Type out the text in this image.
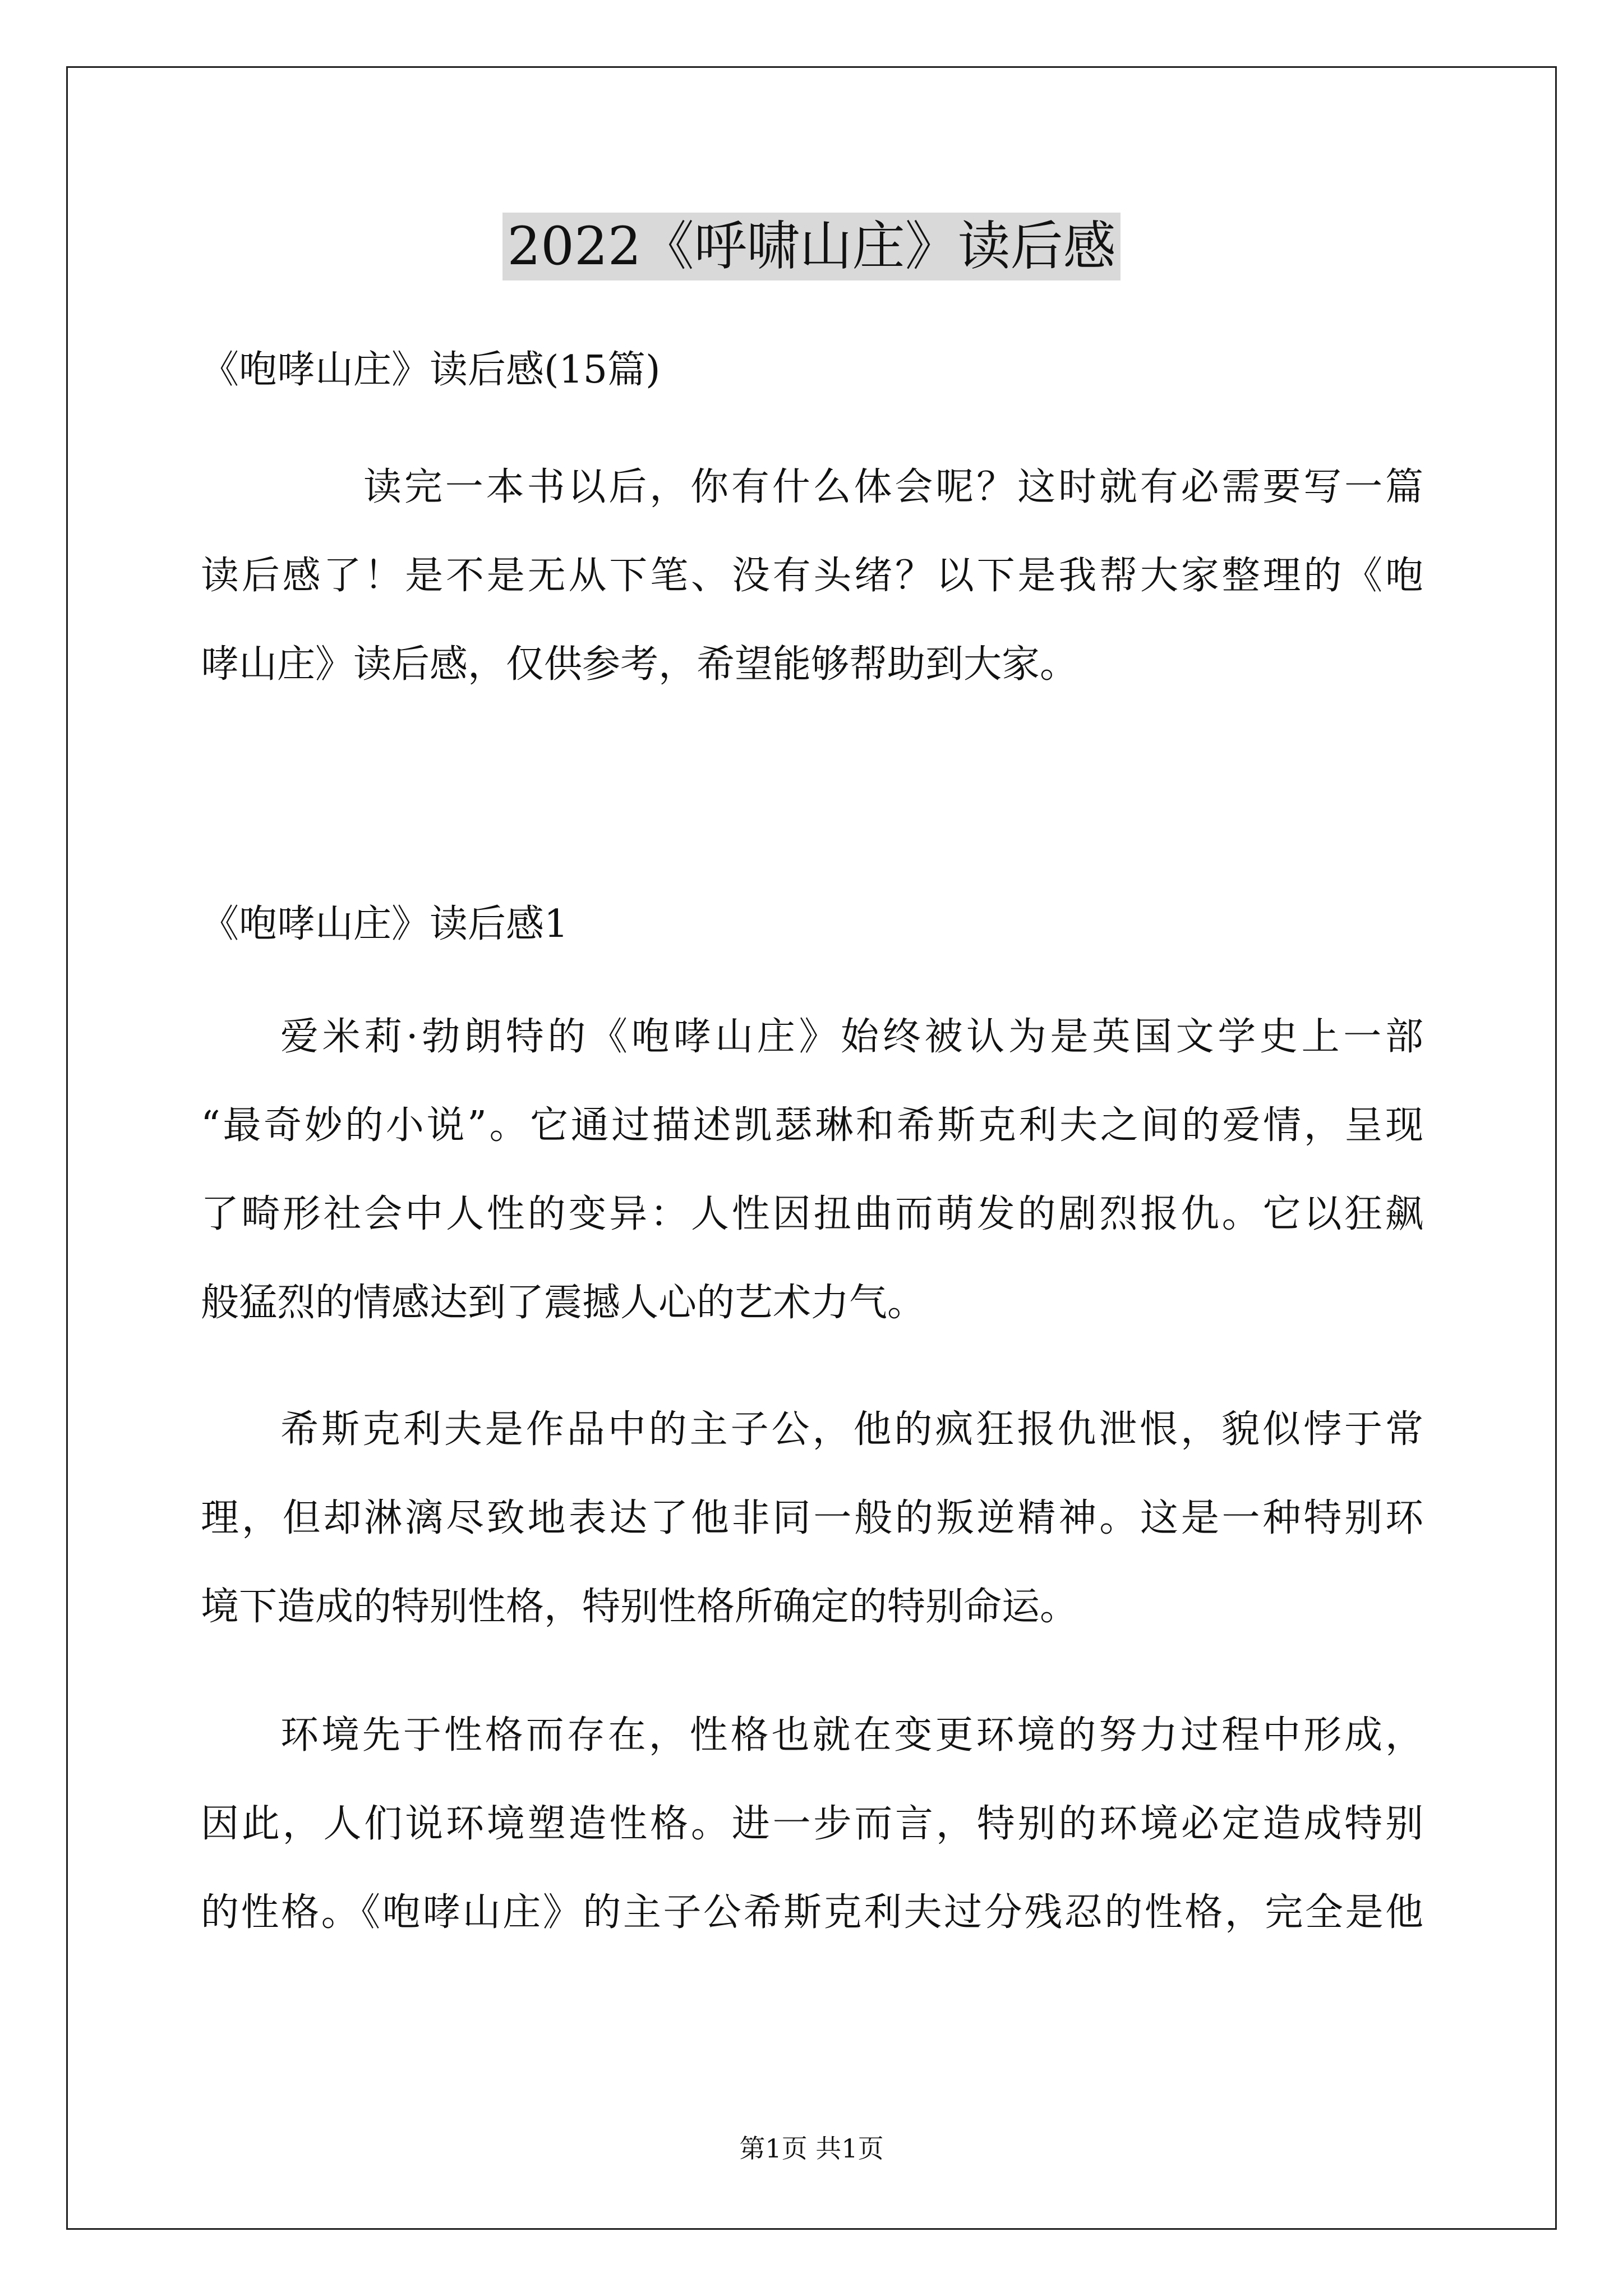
2022《呼啸山庄》读后感
《咆哮山庄》读后感(15篇)
读完一本书以后，你有什么体会呢？这时就有必需要写一篇
读后感了！是不是无从下笔、没有头绪？以下是我帮大家整理的《咆
哮山庄》读后感，仅供参考，希望能够帮助到大家。
《咆哮山庄》读后感1
爱米莉·勃朗特的《咆哮山庄》始终被认为是英国文学史上一部
“最奇妙的小说”。它通过描述凯瑟琳和希斯克利夫之间的爱情，呈现
了畸形社会中人性的变异：人性因扭曲而萌发的剧烈报仇。它以狂飙
般猛烈的情感达到了震撼人心的艺术力气。
希斯克利夫是作品中的主子公，他的疯狂报仇泄恨，貌似悖于常
理，但却淋漓尽致地表达了他非同一般的叛逆精神。这是一种特别环
境下造成的特别性格，特别性格所确定的特别命运。
环境先于性格而存在，性格也就在变更环境的努力过程中形成，
因此，人们说环境塑造性格。进一步而言，特别的环境必定造成特别
的性格。《咆哮山庄》的主子公希斯克利夫过分残忍的性格，完全是他
第1页 共1页
